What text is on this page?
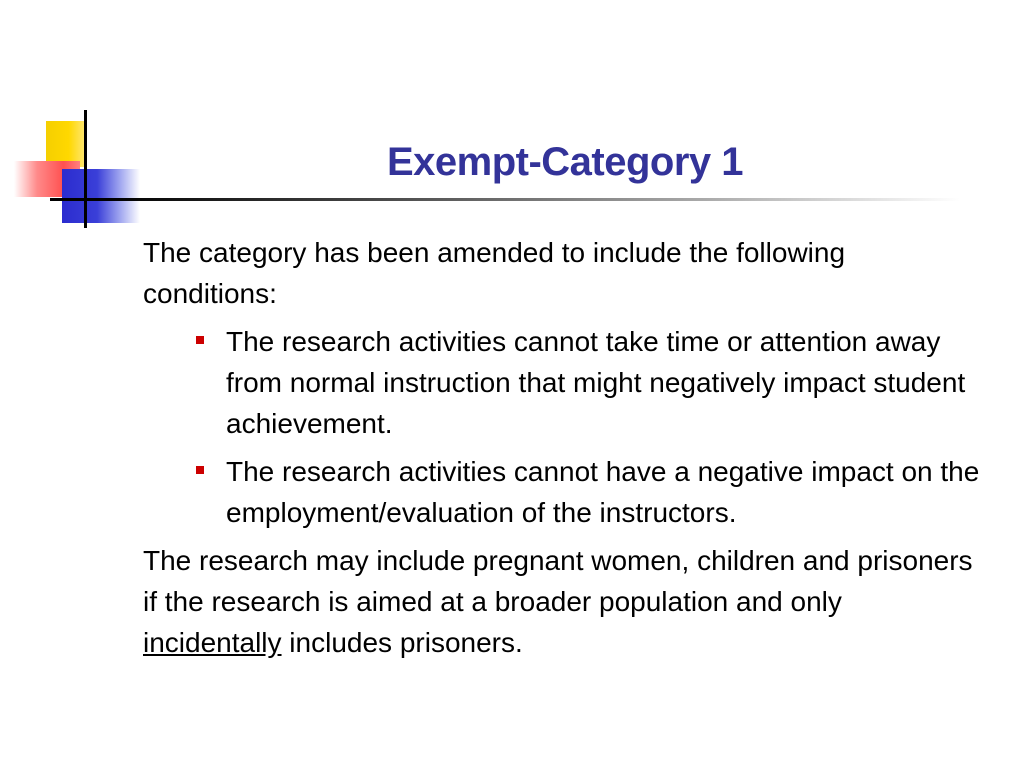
Exempt-Category 1

The category has been amended to include the following conditions:

The research activities cannot take time or attention away from normal instruction that might negatively impact student achievement.
The research activities cannot have a negative impact on the employment/evaluation of the instructors.

The research may include pregnant women, children and prisoners if the research is aimed at a broader population and only incidentally includes prisoners.
